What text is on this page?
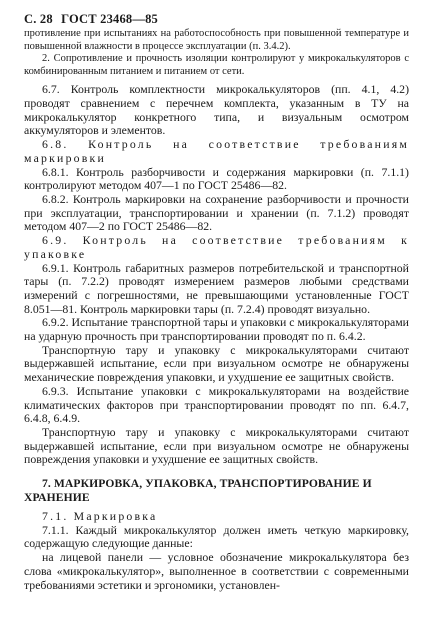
С. 28 ГОСТ 23468—85
противление при испытаниях на работоспособность при повышенной температуре и повышенной влажности в процессе эксплуатации (п. 3.4.2).
2. Сопротивление и прочность изоляции контролируют у микрокалькуляторов с комбинированным питанием и питанием от сети.

6.7. Контроль комплектности микрокалькуляторов (пп. 4.1, 4.2) проводят сравнением с перечнем комплекта, указанным в ТУ на микрокалькулятор конкретного типа, и визуальным осмотром аккумуляторов и элементов.

6.8. Контроль на соответствие требованиям маркировки

6.8.1. Контроль разборчивости и содержания маркировки (п. 7.1.1) контролируют методом 407—1 по ГОСТ 25486—82.

6.8.2. Контроль маркировки на сохранение разборчивости и прочности при эксплуатации, транспортировании и хранении (п. 7.1.2) проводят методом 407—2 по ГОСТ 25486—82.

6.9. Контроль на соответствие требованиям к упаковке

6.9.1. Контроль габаритных размеров потребительской и транспортной тары (п. 7.2.2) проводят измерением размеров любыми средствами измерений с погрешностями, не превышающими установленные ГОСТ 8.051—81. Контроль маркировки тары (п. 7.2.4) проводят визуально.

6.9.2. Испытание транспортной тары и упаковки с микрокалькуляторами на ударную прочность при транспортировании проводят по п. 6.4.2.

Транспортную тару и упаковку с микрокалькуляторами считают выдержавшей испытание, если при визуальном осмотре не обнаружены механические повреждения упаковки, и ухудшение ее защитных свойств.

6.9.3. Испытание упаковки с микрокалькуляторами на воздействие климатических факторов при транспортировании проводят по пп. 6.4.7, 6.4.8, 6.4.9.

Транспортную тару и упаковку с микрокалькуляторами считают выдержавшей испытание, если при визуальном осмотре не обнаружены повреждения упаковки и ухудшение ее защитных свойств.

7. МАРКИРОВКА, УПАКОВКА, ТРАНСПОРТИРОВАНИЕ И ХРАНЕНИЕ

7.1. Маркировка

7.1.1. Каждый микрокалькулятор должен иметь четкую маркировку, содержащую следующие данные:

на лицевой панели — условное обозначение микрокалькулятора без слова «микрокалькулятор», выполненное в соответствии с современными требованиями эстетики и эргономики, установлен-
